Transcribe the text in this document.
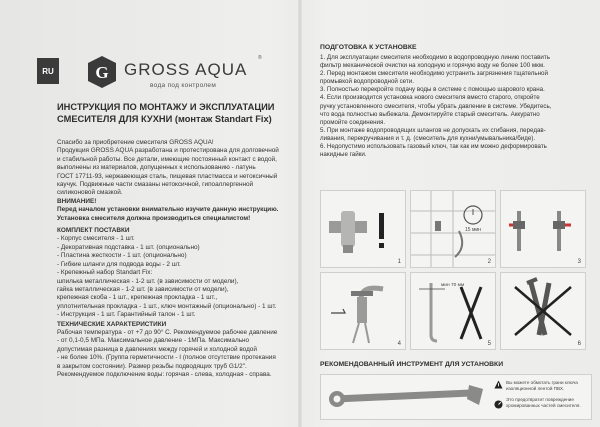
RU G GROSS AQUA
®
вода под контролем
ИНСТРУКЦИЯ ПО МОНТАЖУ И ЭКСПЛУАТАЦИИ
СМЕСИТЕЛЯ ДЛЯ КУХНИ (монтаж Standart Fix)
Спасибо за приобретение смесителя GROSS AQUA!
Продукция GROSS AQUA разработана и протестирована для долговечной
и стабильной работы. Все детали, имеющие постоянный контакт с водой,
выполнены из материалов, допущенных к использованию - латунь
ГОСТ 17711-93, нержавеющая сталь, пищевая пластмасса и нетоксичный
каучук. Подвижные части смазаны нетоксичной, гипоаллергенной
силиконовой смазкой.
ВНИМАНИЕ!
Перед началом установки внимательно изучите данную инструкцию.
Установка смесителя должна производиться специалистом!
КОМПЛЕКТ ПОСТАВКИ
- Корпус смесителя - 1 шт.
- Декоративная подставка - 1 шт. (опционально)
- Пластина жесткости - 1 шт. (опционально)
- Гибкие шланги для подвода воды - 2 шт.
- Крепежный набор Standart Fix:
шпилька металлическая - 1-2 шт. (в зависимости от модели),
гайка металлическая - 1-2 шт. (в зависимости от модели),
крепежная скоба - 1 шт., крепежная прокладка - 1 шт.,
уплотнительная прокладка - 1 шт., ключ монтажный (опционально) - 1 шт.
- Инструкция - 1 шт. Гарантийный талон - 1 шт.
ТЕХНИЧЕСКИЕ ХАРАКТЕРИСТИКИ
Рабочая температура - от +7 до 90° С. Рекомендуемое рабочее давление
- от 0,1-0,5 МПа. Максимальное давление - 1МПа. Максимально
допустимая разница в давлениях между горячей и холодной водой
- не более 10%. (Группа герметичности - I (полное отсутствие протекания
в закрытом состоянии). Размер резьбы подводящих труб G1/2".
Рекомендуемое подключение воды: горячая - слева, холодная - справа.
ПОДГОТОВКА К УСТАНОВКЕ
1. Для эксплуатации смесителя необходимо в водопроводную линию поставить
фильтр механической очистки на холодную и горячую воду не более 100 мкм.
2. Перед монтажом смесителя необходимо устранить загрязнения тщательной
промывкой водопроводной сети.
3. Полностью перекройте подачу воды в системе с помощью шарового крана.
4. Если производится установка нового смесителя вместо старого, откройте
ручку установленного смесителя, чтобы убрать давление в системе. Убедитесь,
что вода полностью выбежала. Демонтируйте старый смеситель. Аккуратно
промойте соединения.
5. При монтаже водопроводящих шлангов не допускать их сгибания, передав-
ливания, перекручивания и т. д. (смеситель для кухни/умывальника/биде).
6. Недопустимо использовать газовый ключ, так как им можно деформировать
накидные гайки.
1
15 мин
2	3
4
мин 70 мм
5	6
РЕКОМЕНДОВАННЫЙ ИНСТРУМЕНТ ДЛЯ УСТАНОВКИ

Вы можете обмотать грани ключа изоляционной лентой ПВХ.

Это предотвратит повреждение хромированных частей смесителя.
